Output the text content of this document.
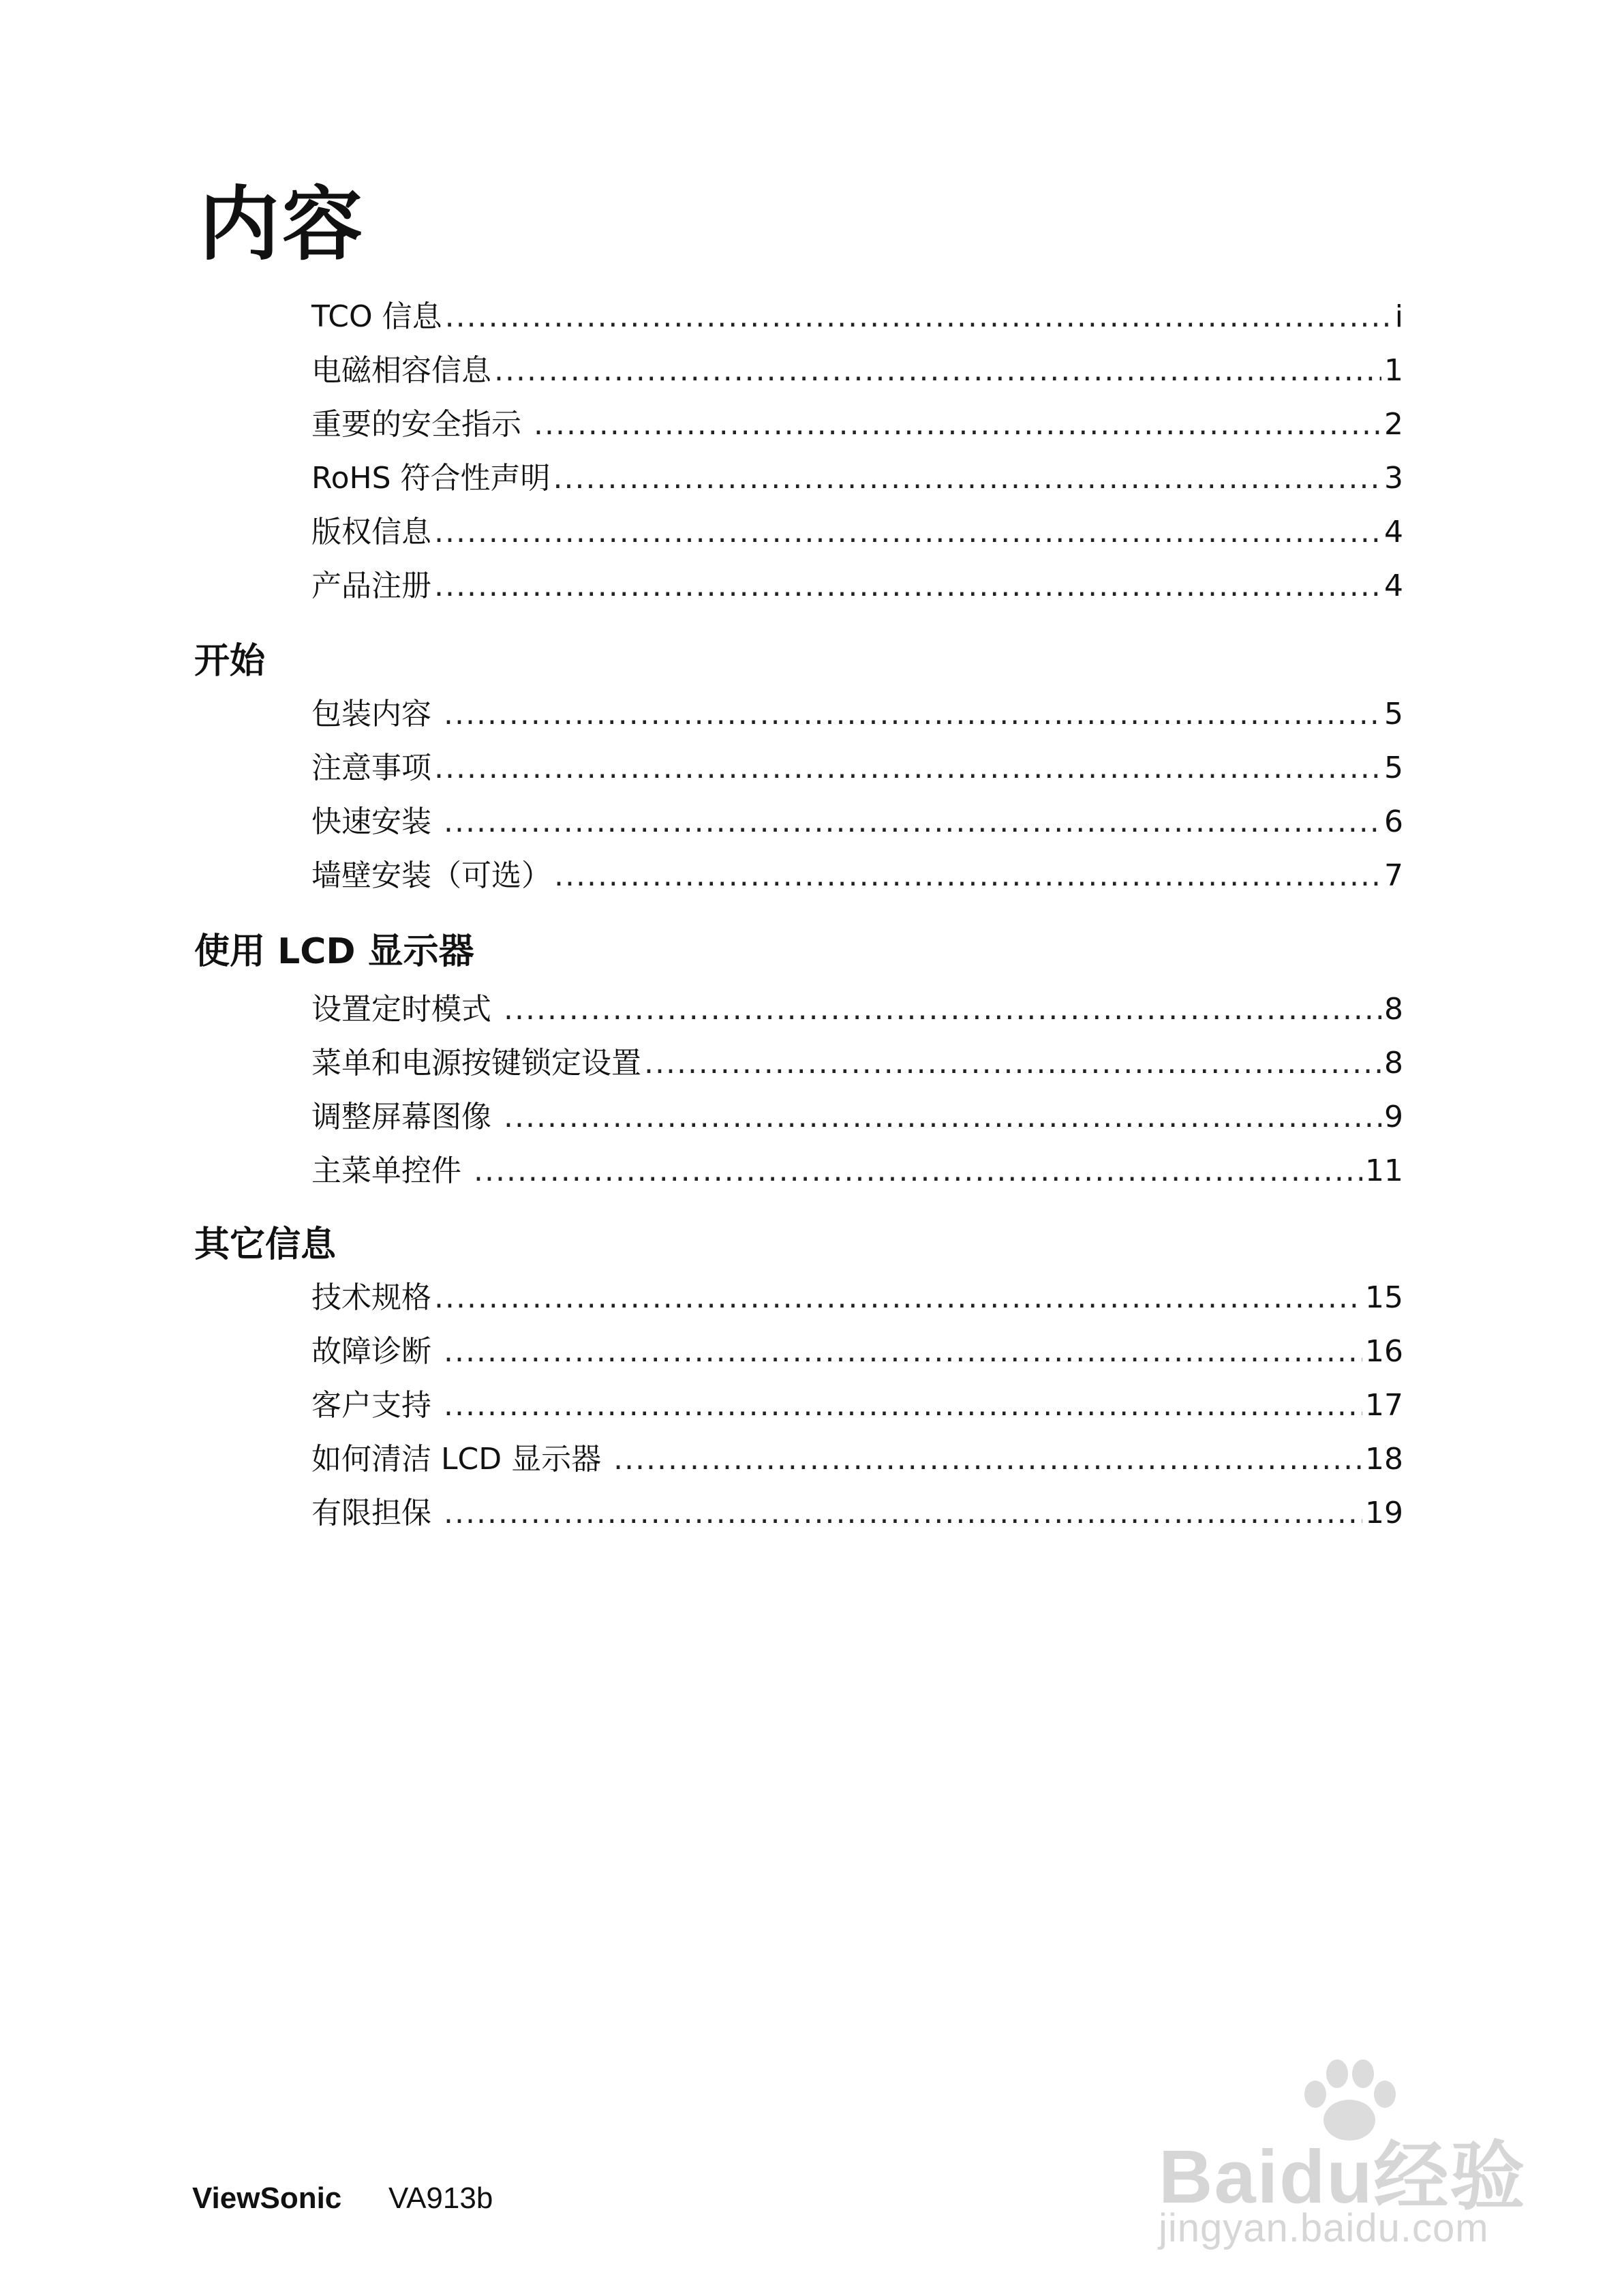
内容
TCO 信息 .....	i
电磁相容信息 .....	1
重要的安全指示 .....	2
RoHS 符合性声明 .....	3
版权信息 .....	4
产品注册 .....	4
开始
包装内容 .....	5
注意事项 .....	5
快速安装 .....	6
墙壁安装（可选） .....	7
使用 LCD 显示器
设置定时模式 .....	8
菜单和电源按键锁定设置 .....	8
调整屏幕图像 .....	9
主菜单控件 .....	11
其它信息
技术规格 .....	15
故障诊断 .....	16
客户支持 .....	17
如何清洁 LCD 显示器 .....	18
有限担保 .....	19
ViewSonic VA913b	Baidu经验
jingyan.baidu.com
